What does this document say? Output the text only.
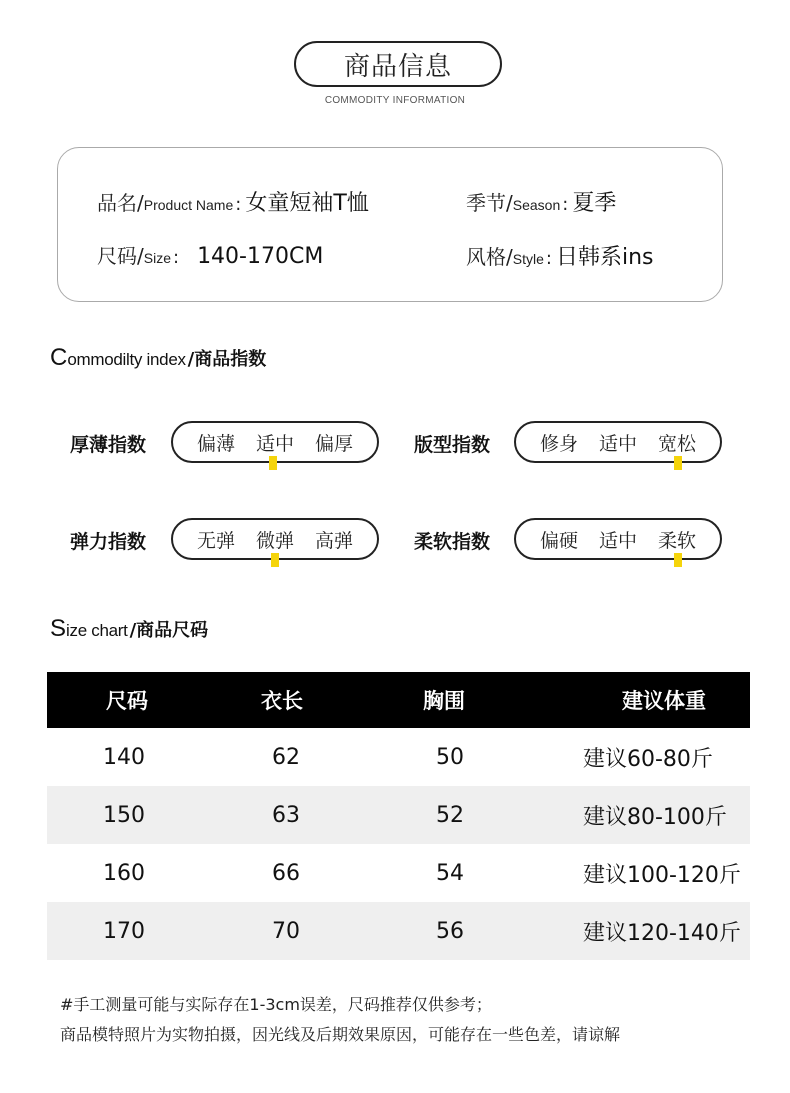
商品信息
COMMODITY INFORMATION
品名/ Product Name : 女童短袖T恤	季节/ Season : 夏季
尺码/ Size : 140-170CM	风格/ Style : 日韩系ins
C ommodilty index /商品指数
厚薄指数	偏薄 适中 偏厚	版型指数	修身 适中 宽松
弹力指数	无弹 微弹 高弹	柔软指数	偏硬 适中 柔软
S ize chart /商品尺码
尺码	衣长	胸围	建议体重
140	62	50	建议60-80斤
150	63	52	建议80-100斤
160	66	54	建议100-120斤
170	70	56	建议120-140斤
#手工测量可能与实际存在1-3cm误差，尺码推荐仅供参考；
商品模特照片为实物拍摄，因光线及后期效果原因，可能存在一些色差，请谅解
